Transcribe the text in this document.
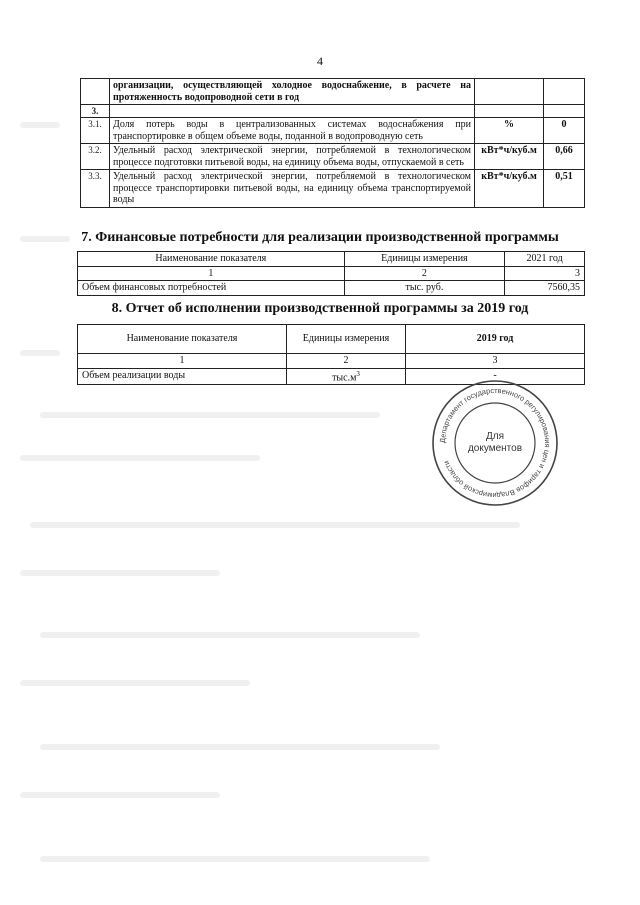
4
	организации, осуществляющей холодное водоснабжение, в расчете на протяженность водопроводной сети в год		
3.			
3.1.	Доля потерь воды в централизованных системах водоснабжения при транспортировке в общем объеме воды, поданной в водопроводную сеть	%	0
3.2.	Удельный расход электрической энергии, потребляемой в технологическом процессе подготовки питьевой воды, на единицу объема воды, отпускаемой в сеть	кВт*ч/куб.м	0,66
3.3.	Удельный расход электрической энергии, потребляемой в технологическом процессе транспортировки питьевой воды, на единицу объема транспортируемой воды	кВт*ч/куб.м	0,51
7. Финансовые потребности для реализации производственной программы
Наименование показателя	Единицы измерения	2021 год
1	2	3
Объем финансовых потребностей	тыс. руб.	7560,35
8. Отчет об исполнении производственной программы за 2019 год
Наименование показателя	Единицы измерения	2019 год
1	2	3
Объем реализации воды	$тыс.м^3$	-
Департамент государственного регулирования цен и тарифов Владимирской области
Для
документов
